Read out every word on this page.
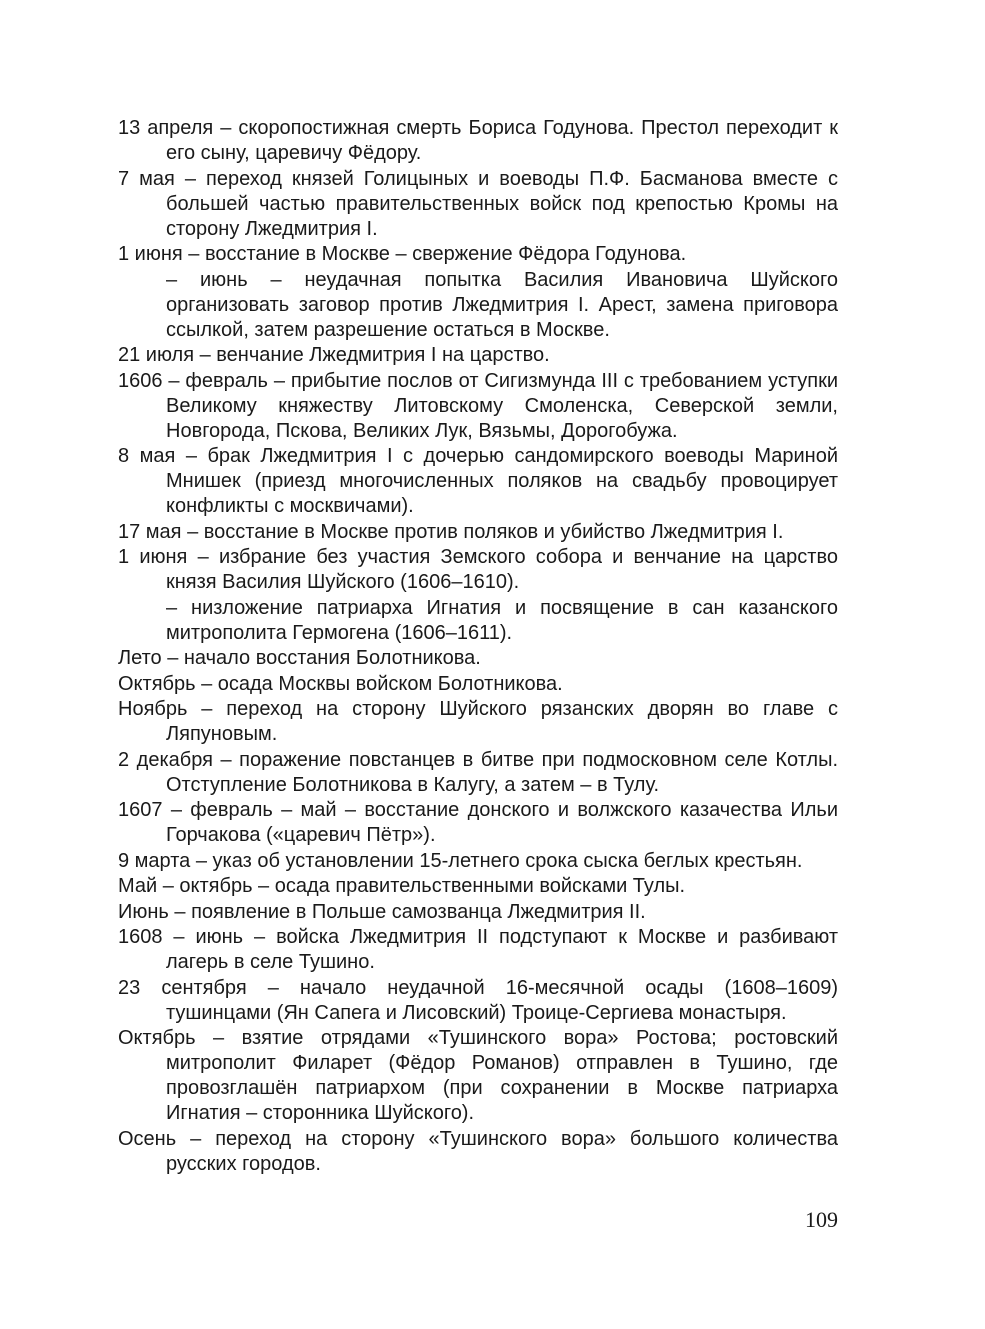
13 апреля – скоропостижная смерть Бориса Годунова. Престол переходит к его сыну, царевичу Фёдору.

7 мая – переход князей Голицыных и воеводы П.Ф. Басманова вместе с большей частью правительственных войск под крепостью Кромы на сторону Лжедмитрия I.

1 июня – восстание в Москве – свержение Фёдора Годунова.

– июнь – неудачная попытка Василия Ивановича Шуйского организовать заговор против Лжедмитрия I. Арест, замена приговора ссылкой, затем разрешение остаться в Москве.

21 июля – венчание Лжедмитрия I на царство.

1606 – февраль – прибытие послов от Сигизмунда III с требованием уступки Великому княжеству Литовскому Смоленска, Северской земли, Новгорода, Пскова, Великих Лук, Вязьмы, Дорогобужа.

8 мая – брак Лжедмитрия I с дочерью сандомирского воеводы Мариной Мнишек (приезд многочисленных поляков на свадьбу провоцирует конфликты с москвичами).

17 мая – восстание в Москве против поляков и убийство Лжедмитрия I.

1 июня – избрание без участия Земского собора и венчание на царство князя Василия Шуйского (1606–1610).

– низложение патриарха Игнатия и посвящение в сан казанского митрополита Гермогена (1606–1611).

Лето – начало восстания Болотникова.

Октябрь – осада Москвы войском Болотникова.

Ноябрь – переход на сторону Шуйского рязанских дворян во главе с Ляпуновым.

2 декабря – поражение повстанцев в битве при подмосковном селе Котлы. Отступление Болотникова в Калугу, а затем – в Тулу.

1607 – февраль – май – восстание донского и волжского казачества Ильи Горчакова («царевич Пётр»).

9 марта – указ об установлении 15-летнего срока сыска беглых крестьян.

Май – октябрь – осада правительственными войсками Тулы.

Июнь – появление в Польше самозванца Лжедмитрия II.

1608 – июнь – войска Лжедмитрия II подступают к Москве и разбивают лагерь в селе Тушино.

23 сентября – начало неудачной 16-месячной осады (1608–1609) тушинцами (Ян Сапега и Лисовский) Троице-Сергиева монастыря.

Октябрь – взятие отрядами «Тушинского вора» Ростова; ростовский митрополит Филарет (Фёдор Романов) отправлен в Тушино, где провозглашён патриархом (при сохранении в Москве патриарха Игнатия – сторонника Шуйского).

Осень – переход на сторону «Тушинского вора» большого количества русских городов.

109
